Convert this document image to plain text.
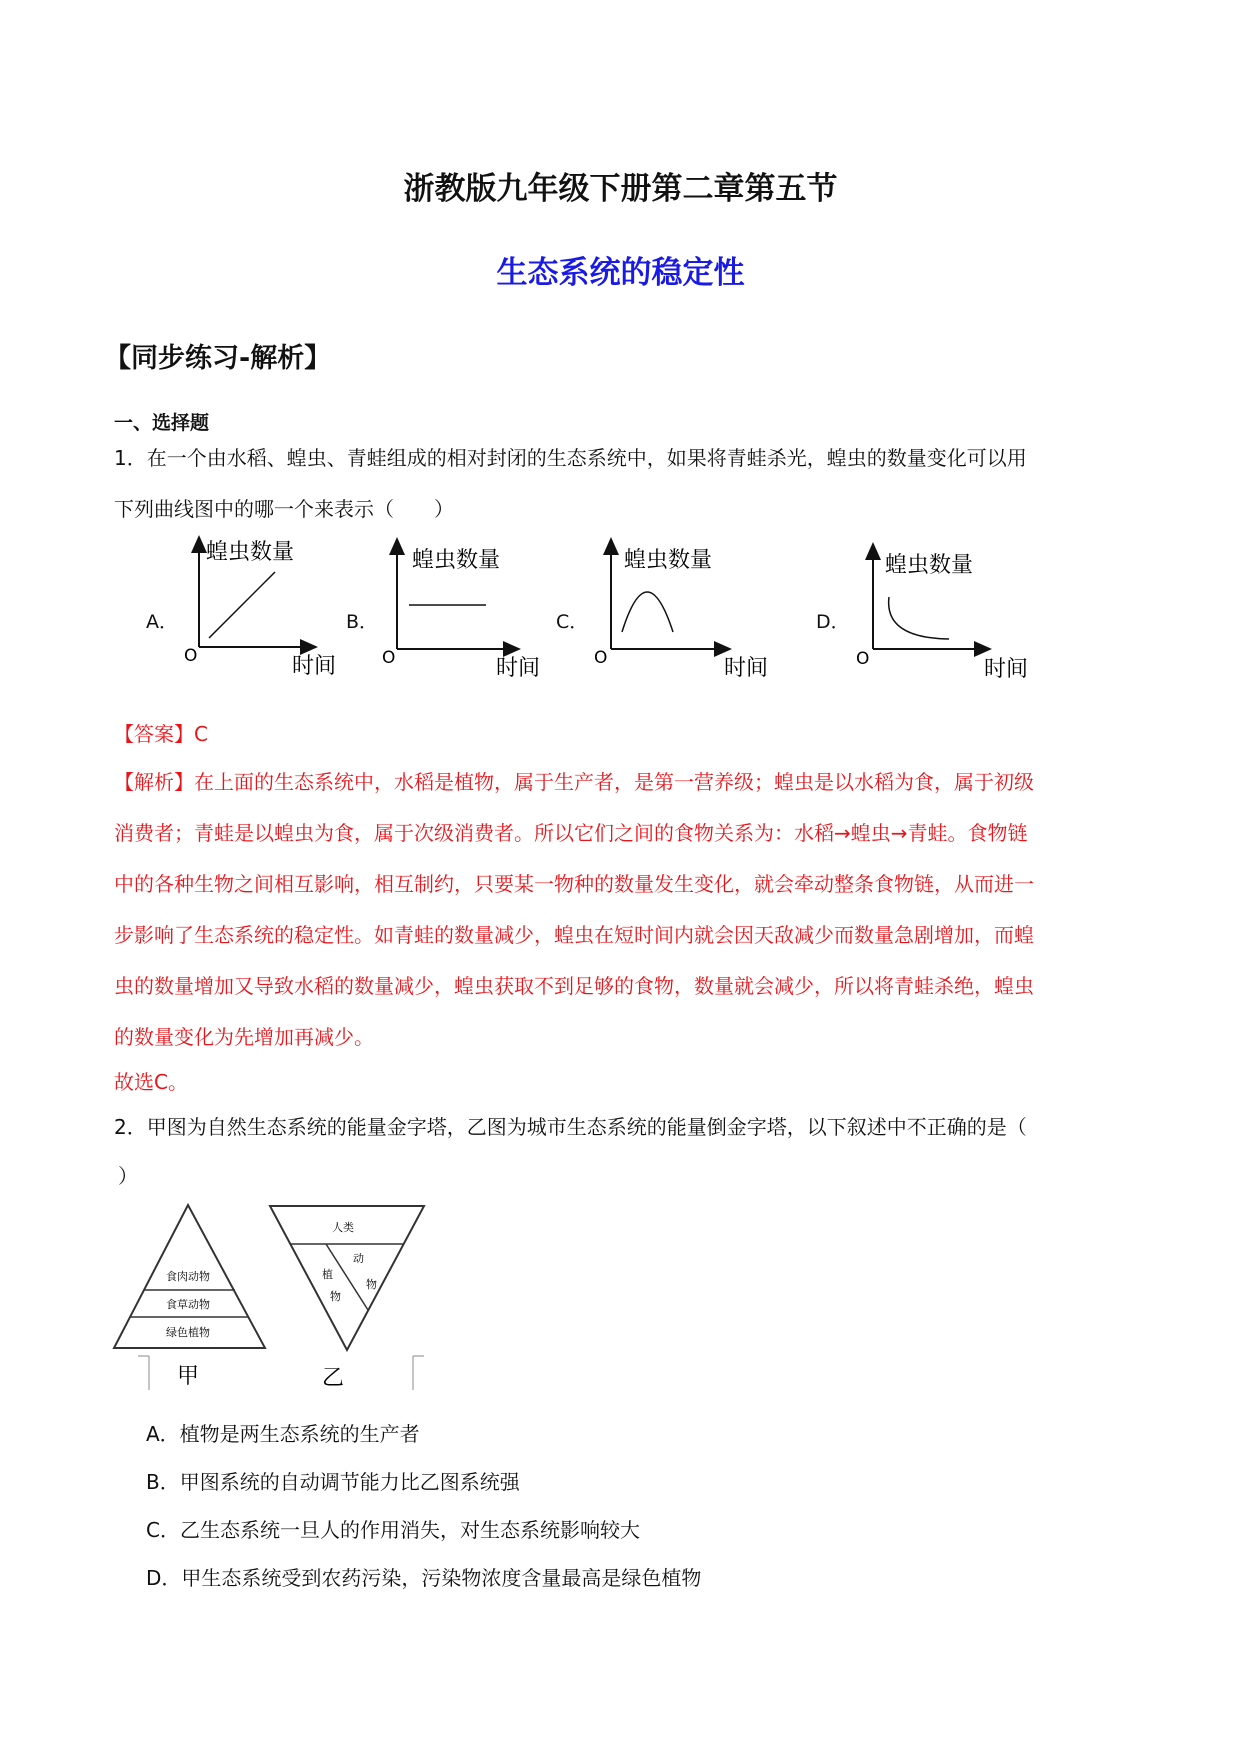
浙教版九年级下册第二章第五节
生态系统的稳定性
【同步练习-解析】
一、选择题
1．在一个由水稻、蝗虫、青蛙组成的相对封闭的生态系统中，如果将青蛙杀光，蝗虫的数量变化可以用
下列曲线图中的哪一个来表示（　　）
A．	B．	C．	D．
蝗虫数量
O	时间
蝗虫数量
O	时间
蝗虫数量
O	时间
蝗虫数量
O	时间
【答案】C
【解析】在上面的生态系统中，水稻是植物，属于生产者，是第一营养级；蝗虫是以水稻为食，属于初级
消费者；青蛙是以蝗虫为食，属于次级消费者。所以它们之间的食物关系为：水稻→蝗虫→青蛙。食物链
中的各种生物之间相互影响，相互制约，只要某一物种的数量发生变化，就会牵动整条食物链，从而进一
步影响了生态系统的稳定性。如青蛙的数量减少，蝗虫在短时间内就会因天敌减少而数量急剧增加，而蝗
虫的数量增加又导致水稻的数量减少，蝗虫获取不到足够的食物，数量就会减少，所以将青蛙杀绝，蝗虫
的数量变化为先增加再减少。
故选C。
2．甲图为自然生态系统的能量金字塔，乙图为城市生态系统的能量倒金字塔，以下叙述中不正确的是（
）
食肉动物
食草动物
绿色植物
人类
植
物
动
物
甲	乙
A．植物是两生态系统的生产者
B．甲图系统的自动调节能力比乙图系统强
C．乙生态系统一旦人的作用消失，对生态系统影响较大
D．甲生态系统受到农药污染，污染物浓度含量最高是绿色植物
